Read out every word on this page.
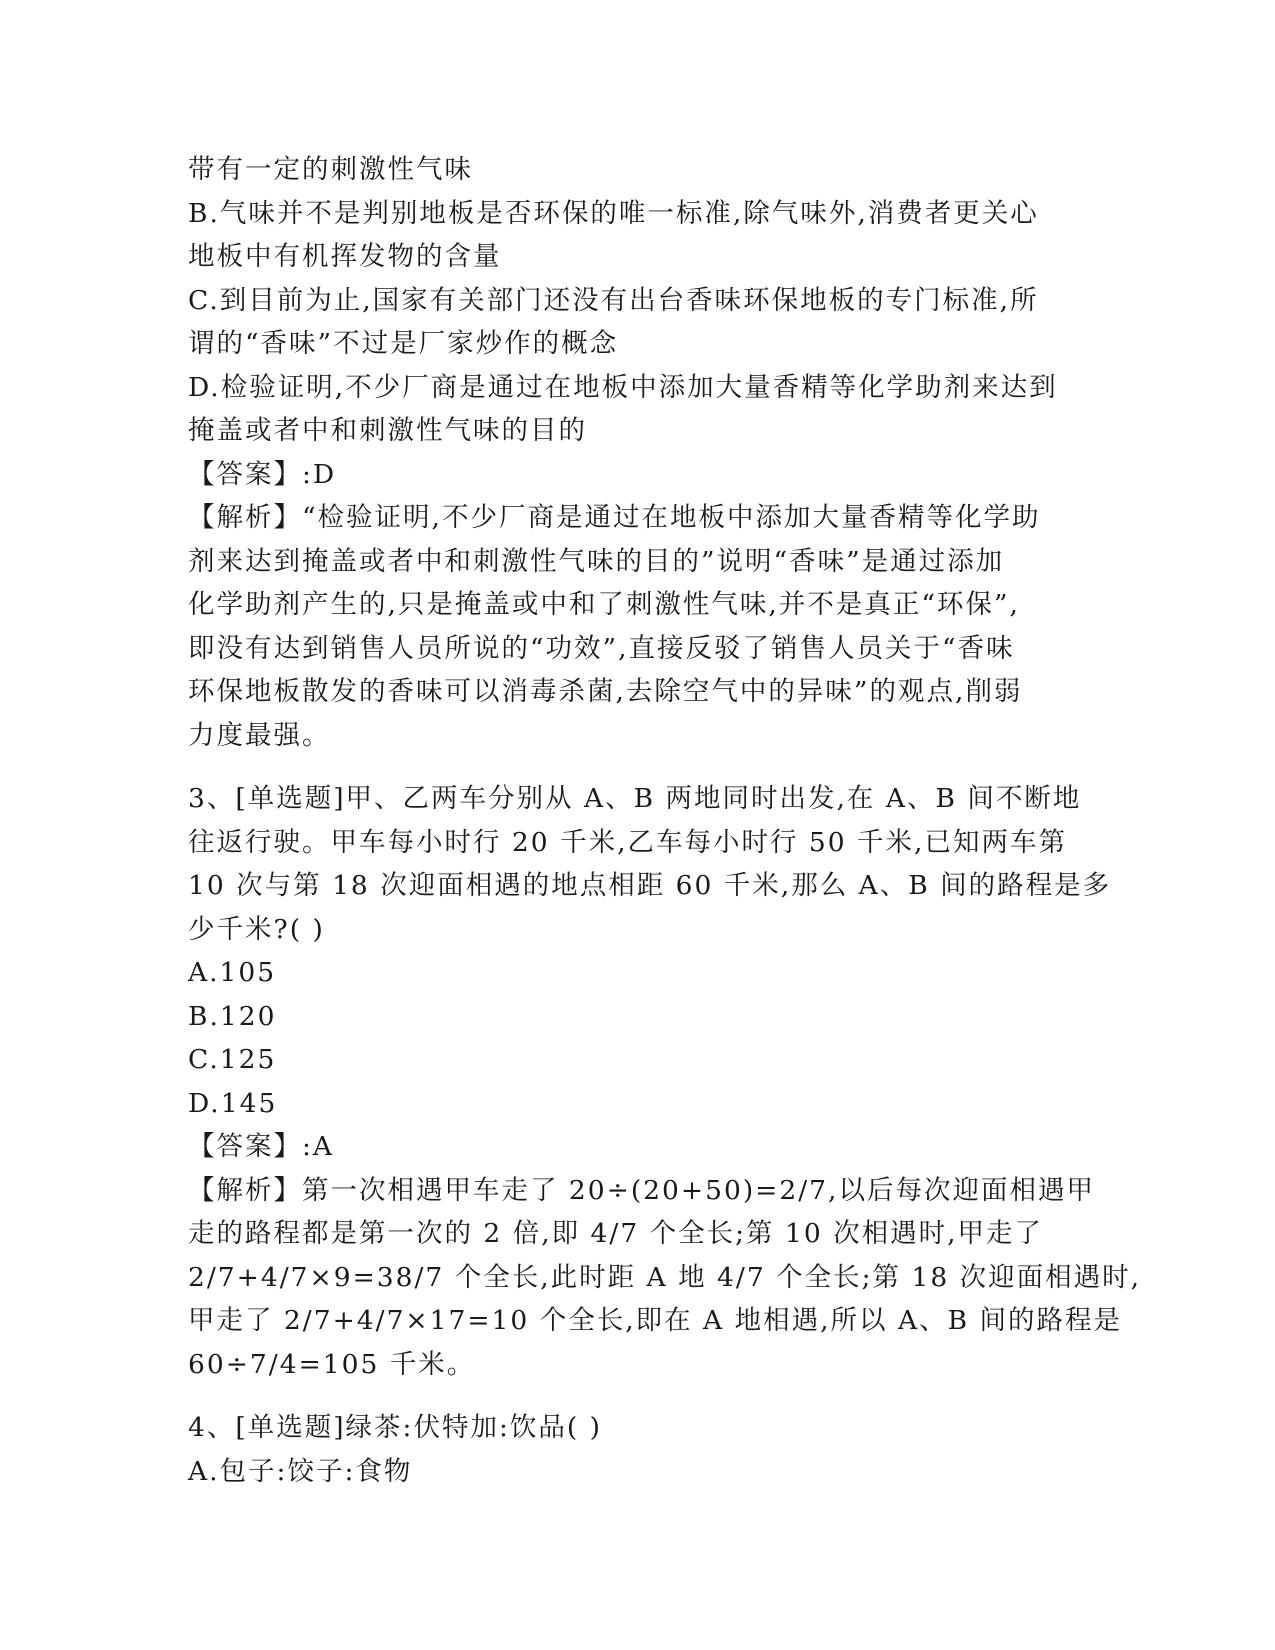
带有一定的刺激性气味
B.气味并不是判别地板是否环保的唯一标准,除气味外,消费者更关心
地板中有机挥发物的含量
C.到目前为止,国家有关部门还没有出台香味环保地板的专门标准,所
谓的“香味”不过是厂家炒作的概念
D.检验证明,不少厂商是通过在地板中添加大量香精等化学助剂来达到
掩盖或者中和刺激性气味的目的
【答案】:D
【解析】“检验证明,不少厂商是通过在地板中添加大量香精等化学助
剂来达到掩盖或者中和刺激性气味的目的”说明“香味”是通过添加
化学助剂产生的,只是掩盖或中和了刺激性气味,并不是真正“环保”,
即没有达到销售人员所说的“功效”,直接反驳了销售人员关于“香味
环保地板散发的香味可以消毒杀菌,去除空气中的异味”的观点,削弱
力度最强。
3、[单选题]甲、乙两车分别从 A、B 两地同时出发,在 A、B 间不断地
往返行驶。甲车每小时行 20 千米,乙车每小时行 50 千米,已知两车第
10 次与第 18 次迎面相遇的地点相距 60 千米,那么 A、B 间的路程是多
少千米?( )
A.105
B.120
C.125
D.145
【答案】:A
【解析】第一次相遇甲车走了 20÷(20+50)=2/7,以后每次迎面相遇甲
走的路程都是第一次的 2 倍,即 4/7 个全长;第 10 次相遇时,甲走了
2/7+4/7×9=38/7 个全长,此时距 A 地 4/7 个全长;第 18 次迎面相遇时,
甲走了 2/7+4/7×17=10 个全长,即在 A 地相遇,所以 A、B 间的路程是
60÷7/4=105 千米。
4、[单选题]绿茶:伏特加:饮品( )
A.包子:饺子:食物
